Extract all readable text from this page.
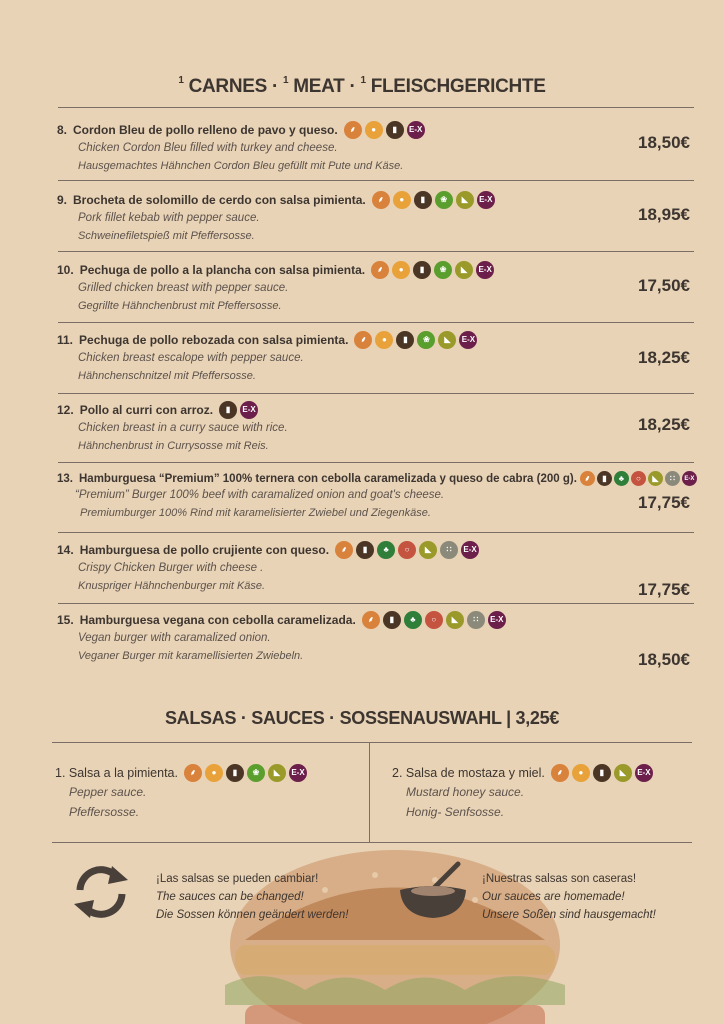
$^1$ CARNES · $^1$ MEAT · $^1$ FLEISCHGERICHTE
8. Cordon Bleu de pollo relleno de pavo y queso.	⸙	●	▮	E-X
Chicken Cordon Bleu filled with turkey and cheese.
Hausgemachtes Hähnchen Cordon Bleu gefüllt mit Pute und Käse.
18,50€
9. Brocheta de solomillo de cerdo con salsa pimienta.	⸙	●	▮	❀	◣	E-X
Pork fillet kebab with pepper sauce.
Schweinefiletspieß mit Pfeffersosse.
18,95€
10. Pechuga de pollo a la plancha con salsa pimienta.	⸙	●	▮	❀	◣	E-X
Grilled chicken breast with pepper sauce.
Gegrillte Hähnchenbrust mit Pfeffersosse.
17,50€
11. Pechuga de pollo rebozada con salsa pimienta.	⸙	●	▮	❀	◣	E-X
Chicken breast escalope with pepper sauce.
Hähnchenschnitzel mit Pfeffersosse.
18,25€
12. Pollo al curri con arroz.	▮	E-X
Chicken breast in a curry sauce with rice.
Hähnchenbrust in Currysosse mit Reis.
18,25€
13. Hamburguesa “Premium” 100% ternera con cebolla caramelizada y queso de cabra (200 g). ⸙	▮	♣	○	◣	∷	E-X
“Premium” Burger 100% beef with caramalized onion and goat's cheese.
Premiumburger 100% Rind mit karamelisierter Zwiebel und Ziegenkäse.
17,75€
14. Hamburguesa de pollo crujiente con queso.	⸙	▮	♣	○	◣	∷	E-X
Crispy Chicken Burger with cheese .
Knuspriger Hähnchenburger mit Käse.	17,75€
15. Hamburguesa vegana con cebolla caramelizada.	⸙	▮	♣	○	◣	∷	E-X
Vegan burger with caramalized onion.
Veganer Burger mit karamellisierten Zwiebeln.	18,50€
SALSAS · SAUCES · SOSSENAUSWAHL | 3,25€
1. Salsa a la pimienta.	⸙	●	▮	❀	◣	E-X
Pepper sauce.
Pfeffersosse.
2. Salsa de mostaza y miel.	⸙	●	▮	◣	E-X
Mustard honey sauce.
Honig- Senfsosse.
¡Las salsas se pueden cambiar!
The sauces can be changed!
Die Sossen können geändert werden!
¡Nuestras salsas son caseras!
Our sauces are homemade!
Unsere Soßen sind hausgemacht!
